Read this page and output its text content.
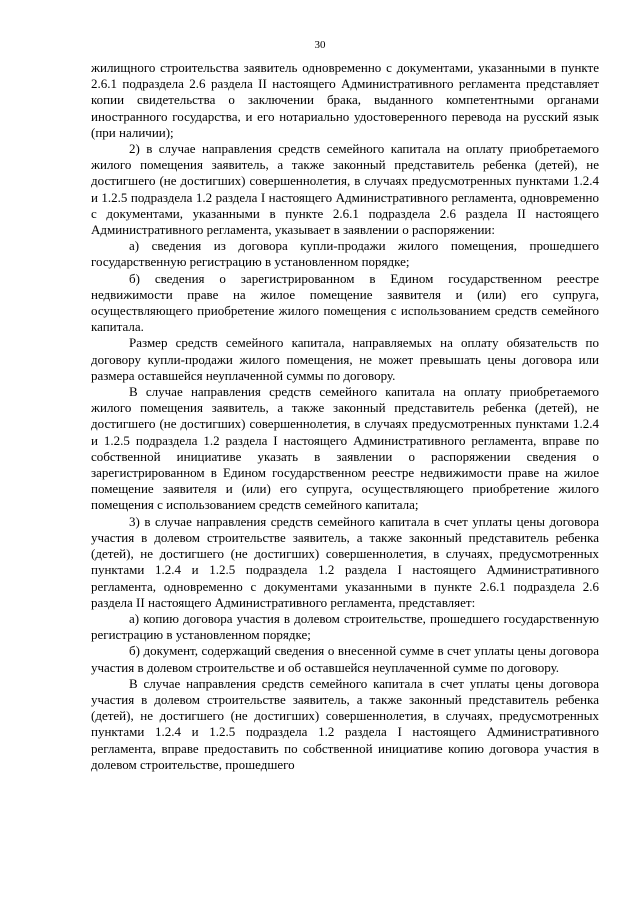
30

жилищного строительства заявитель одновременно с документами, указанными в пункте 2.6.1 подраздела 2.6 раздела II настоящего Административного регламента представляет копии свидетельства о заключении брака, выданного компетентными органами иностранного государства, и его нотариально удостоверенного перевода на русский язык (при наличии);

2) в случае направления средств семейного капитала на оплату приобретаемого жилого помещения заявитель, а также законный представитель ребенка (детей), не достигшего (не достигших) совершеннолетия, в случаях предусмотренных пунктами 1.2.4 и 1.2.5 подраздела 1.2 раздела I настоящего Административного регламента, одновременно с документами, указанными в пункте 2.6.1 подраздела 2.6 раздела II настоящего Административного регламента, указывает в заявлении о распоряжении:

а) сведения из договора купли-продажи жилого помещения, прошедшего государственную регистрацию в установленном порядке;

б) сведения о зарегистрированном в Едином государственном реестре недвижимости праве на жилое помещение заявителя и (или) его супруга, осуществляющего приобретение жилого помещения с использованием средств семейного капитала.

Размер средств семейного капитала, направляемых на оплату обязательств по договору купли-продажи жилого помещения, не может превышать цены договора или размера оставшейся неуплаченной суммы по договору.

В случае направления средств семейного капитала на оплату приобретаемого жилого помещения заявитель, а также законный представитель ребенка (детей), не достигшего (не достигших) совершеннолетия, в случаях предусмотренных пунктами 1.2.4 и 1.2.5 подраздела 1.2 раздела I настоящего Административного регламента, вправе по собственной инициативе указать в заявлении о распоряжении сведения о зарегистрированном в Едином государственном реестре недвижимости праве на жилое помещение заявителя и (или) его супруга, осуществляющего приобретение жилого помещения с использованием средств семейного капитала;

3) в случае направления средств семейного капитала в счет уплаты цены договора участия в долевом строительстве заявитель, а также законный представитель ребенка (детей), не достигшего (не достигших) совершеннолетия, в случаях, предусмотренных пунктами 1.2.4 и 1.2.5 подраздела 1.2 раздела I настоящего Административного регламента, одновременно с документами указанными в пункте 2.6.1 подраздела 2.6 раздела II настоящего Административного регламента, представляет:

а) копию договора участия в долевом строительстве, прошедшего государственную регистрацию в установленном порядке;

б) документ, содержащий сведения о внесенной сумме в счет уплаты цены договора участия в долевом строительстве и об оставшейся неуплаченной сумме по договору.

В случае направления средств семейного капитала в счет уплаты цены договора участия в долевом строительстве заявитель, а также законный представитель ребенка (детей), не достигшего (не достигших) совершеннолетия, в случаях, предусмотренных пунктами 1.2.4 и 1.2.5 подраздела 1.2 раздела I настоящего Административного регламента, вправе предоставить по собственной инициативе копию договора участия в долевом строительстве, прошедшего
